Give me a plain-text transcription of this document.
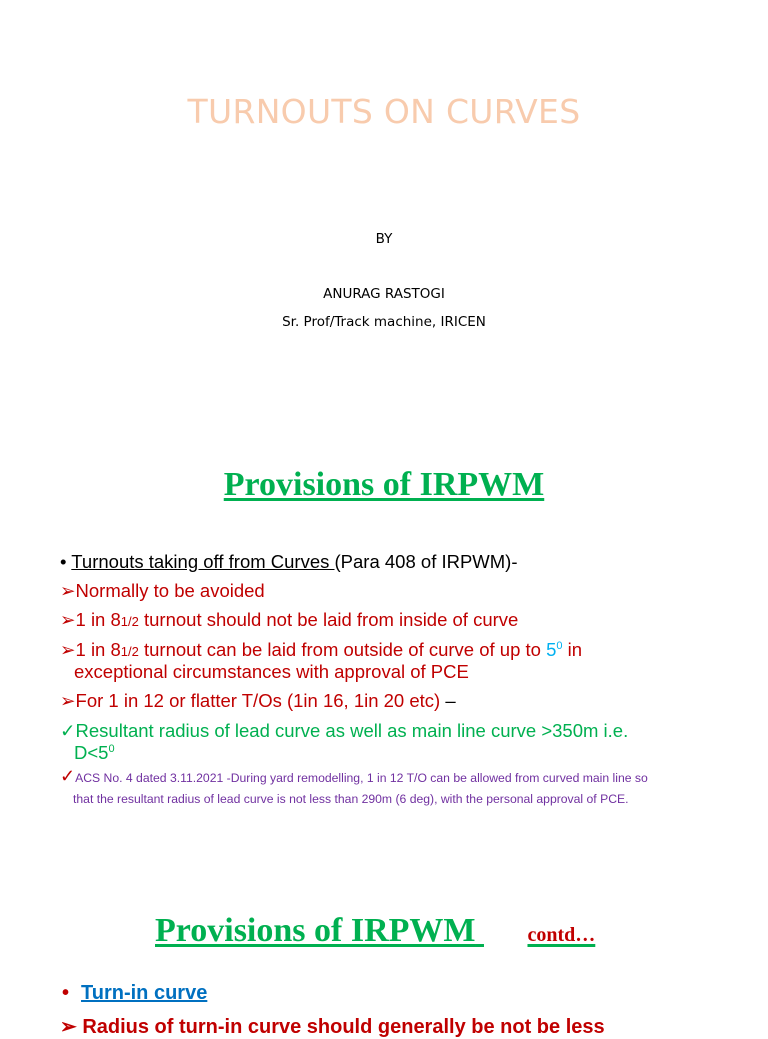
TURNOUTS ON CURVES
BY
ANURAG RASTOGI
Sr. Prof/Track machine, IRICEN
Provisions of IRPWM
• Turnouts taking off from Curves (Para 408 of IRPWM)-
➢Normally to be avoided
➢1 in 81/2 turnout should not be laid from inside of curve
➢1 in 81/2 turnout can be laid from outside of curve of up to $5^0$ in
exceptional circumstances with approval of PCE
➢For 1 in 12 or flatter T/Os (1in 16, 1in 20 etc) –
✓Resultant radius of lead curve as well as main line curve >350m i.e.
$D<5^0$
✓ACS No. 4 dated 3.11.2021 -During yard remodelling, 1 in 12 T/O can be allowed from curved main line so
that the resultant radius of lead curve is not less than 290m (6 deg), with the personal approval of PCE.
Provisions of IRPWM	contd…
• Turn-in curve
➢ Radius of turn-in curve should generally be not be less
